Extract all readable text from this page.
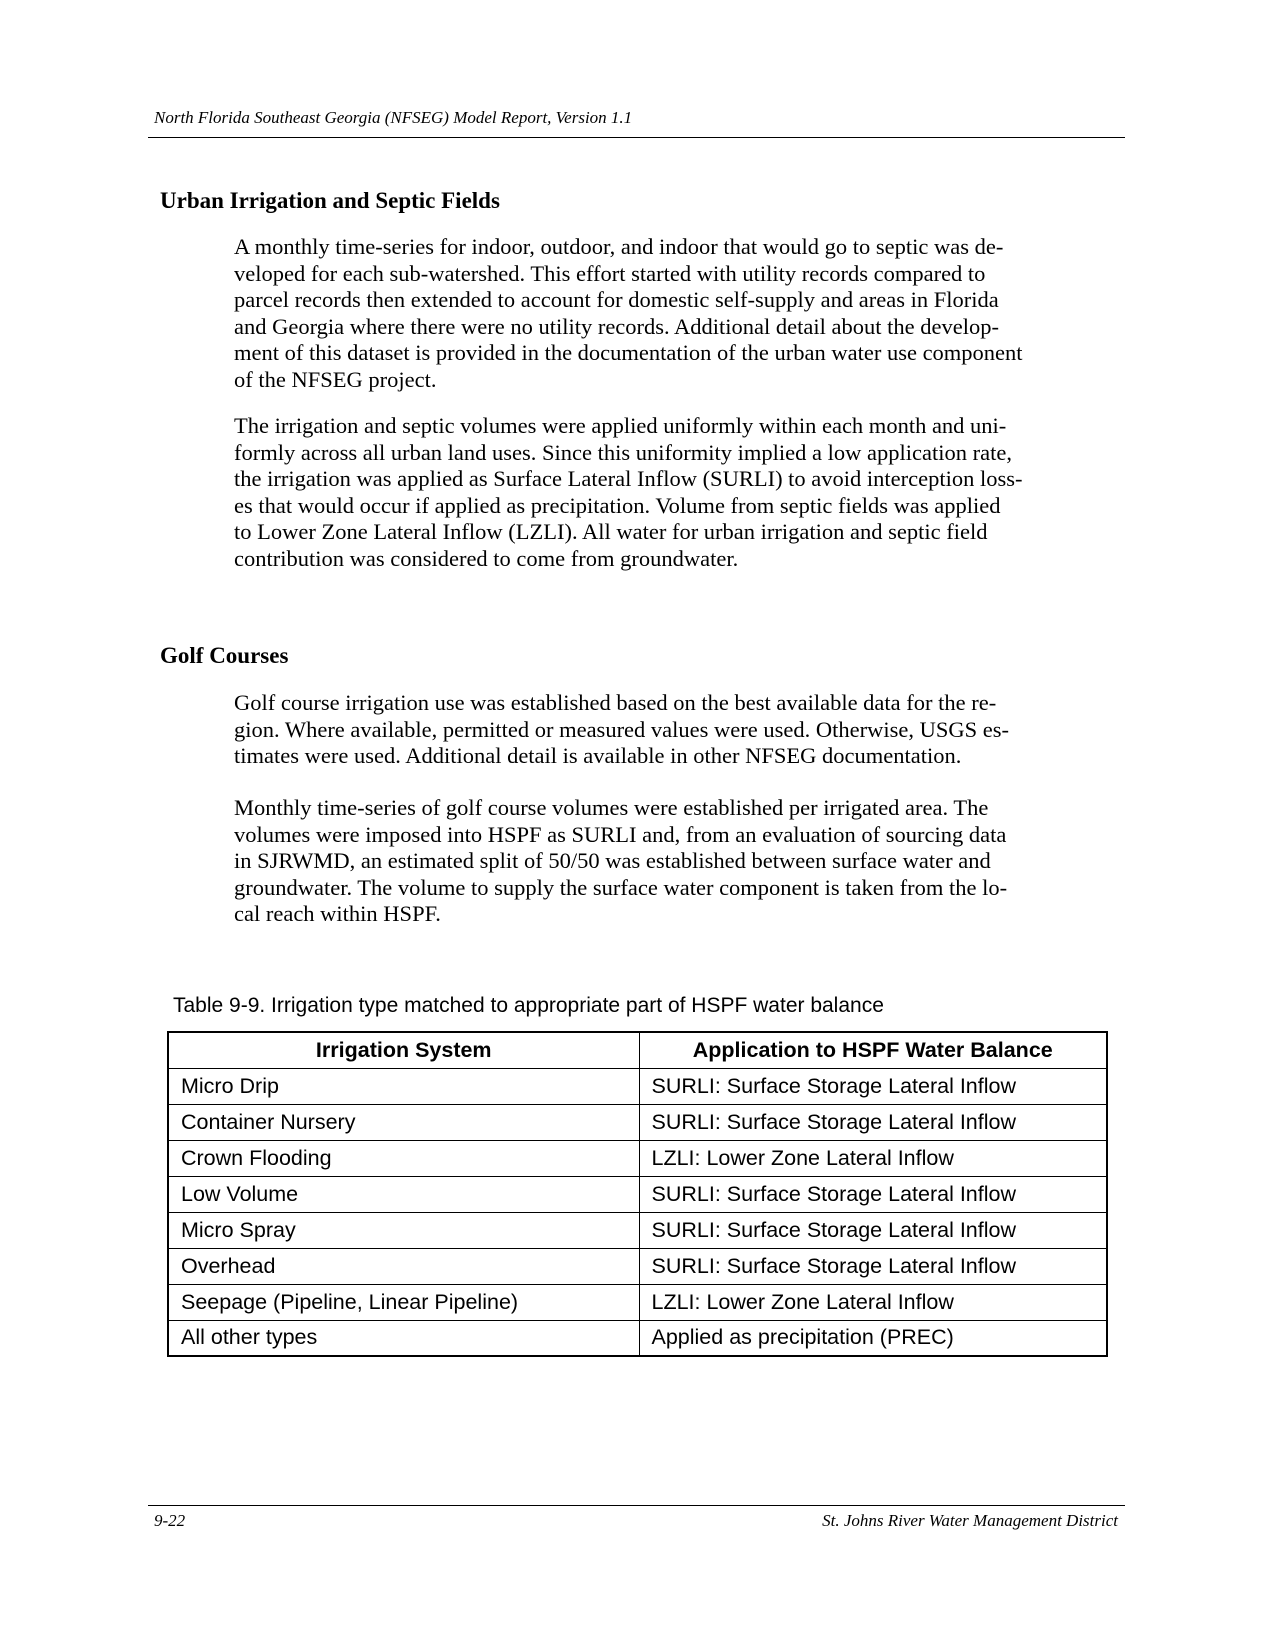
North Florida Southeast Georgia (NFSEG) Model Report, Version 1.1
Urban Irrigation and Septic Fields
A monthly time-series for indoor, outdoor, and indoor that would go to septic was de-
veloped for each sub-watershed. This effort started with utility records compared to
parcel records then extended to account for domestic self-supply and areas in Florida
and Georgia where there were no utility records. Additional detail about the develop-
ment of this dataset is provided in the documentation of the urban water use component
of the NFSEG project.
The irrigation and septic volumes were applied uniformly within each month and uni-
formly across all urban land uses. Since this uniformity implied a low application rate,
the irrigation was applied as Surface Lateral Inflow (SURLI) to avoid interception loss-
es that would occur if applied as precipitation. Volume from septic fields was applied
to Lower Zone Lateral Inflow (LZLI). All water for urban irrigation and septic field
contribution was considered to come from groundwater.
Golf Courses
Golf course irrigation use was established based on the best available data for the re-
gion. Where available, permitted or measured values were used. Otherwise, USGS es-
timates were used. Additional detail is available in other NFSEG documentation.
Monthly time-series of golf course volumes were established per irrigated area. The
volumes were imposed into HSPF as SURLI and, from an evaluation of sourcing data
in SJRWMD, an estimated split of 50/50 was established between surface water and
groundwater. The volume to supply the surface water component is taken from the lo-
cal reach within HSPF.
Table 9-9. Irrigation type matched to appropriate part of HSPF water balance
Irrigation System	Application to HSPF Water Balance
Micro Drip	SURLI: Surface Storage Lateral Inflow
Container Nursery	SURLI: Surface Storage Lateral Inflow
Crown Flooding	LZLI: Lower Zone Lateral Inflow
Low Volume	SURLI: Surface Storage Lateral Inflow
Micro Spray	SURLI: Surface Storage Lateral Inflow
Overhead	SURLI: Surface Storage Lateral Inflow
Seepage (Pipeline, Linear Pipeline)	LZLI: Lower Zone Lateral Inflow
All other types	Applied as precipitation (PREC)
9-22	St. Johns River Water Management District
